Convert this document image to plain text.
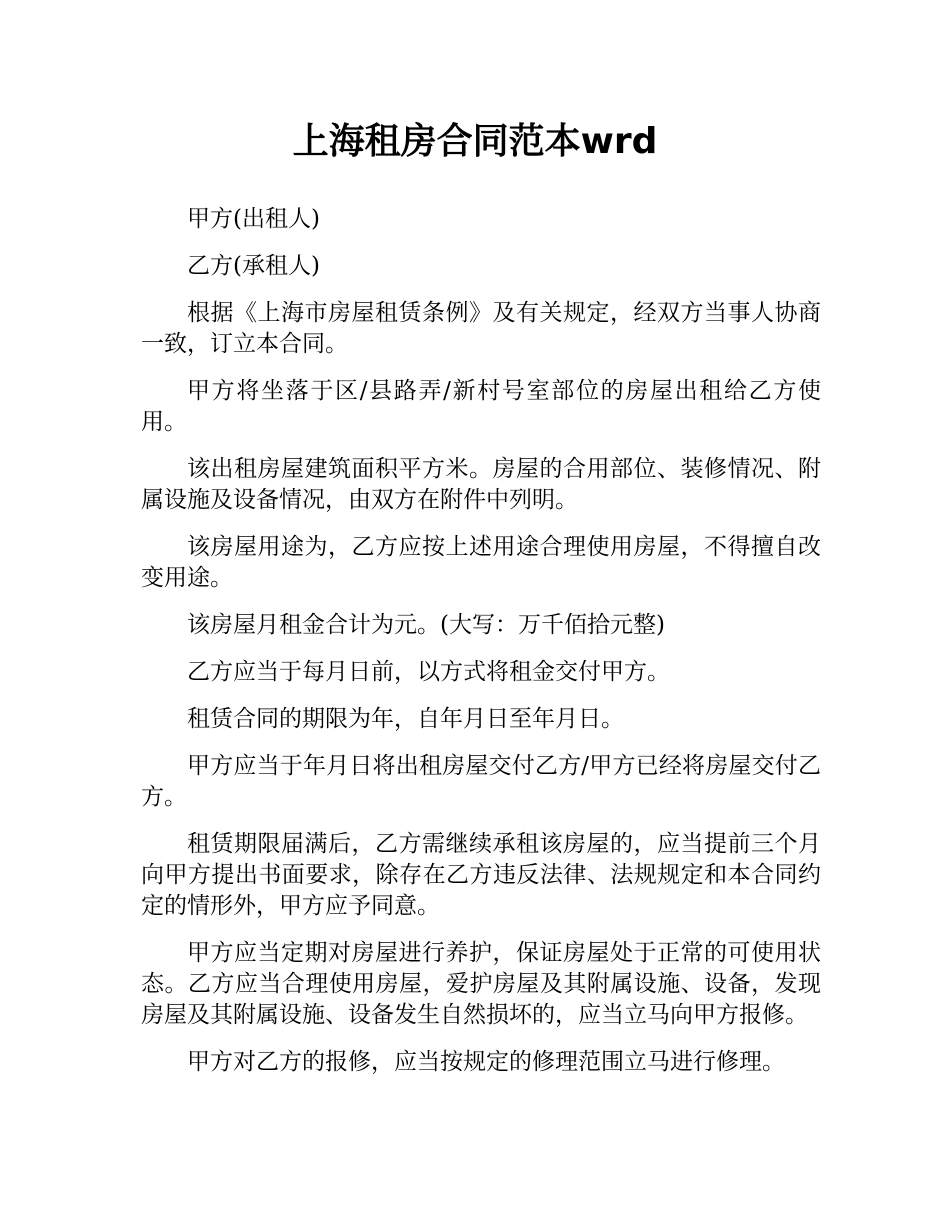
上海租房合同范本wrd

甲方(出租人)

乙方(承租人)

根据《上海市房屋租赁条例》及有关规定，经双方当事人协商一致，订立本合同。

甲方将坐落于区/县路弄/新村号室部位的房屋出租给乙方使用。

该出租房屋建筑面积平方米。房屋的合用部位、装修情况、附属设施及设备情况，由双方在附件中列明。

该房屋用途为，乙方应按上述用途合理使用房屋，不得擅自改变用途。

该房屋月租金合计为元。(大写：万千佰拾元整)

乙方应当于每月日前，以方式将租金交付甲方。

租赁合同的期限为年，自年月日至年月日。

甲方应当于年月日将出租房屋交付乙方/甲方已经将房屋交付乙方。

租赁期限届满后，乙方需继续承租该房屋的，应当提前三个月向甲方提出书面要求，除存在乙方违反法律、法规规定和本合同约定的情形外，甲方应予同意。

甲方应当定期对房屋进行养护，保证房屋处于正常的可使用状态。乙方应当合理使用房屋，爱护房屋及其附属设施、设备，发现房屋及其附属设施、设备发生自然损坏的，应当立马向甲方报修。

甲方对乙方的报修，应当按规定的修理范围立马进行修理。
